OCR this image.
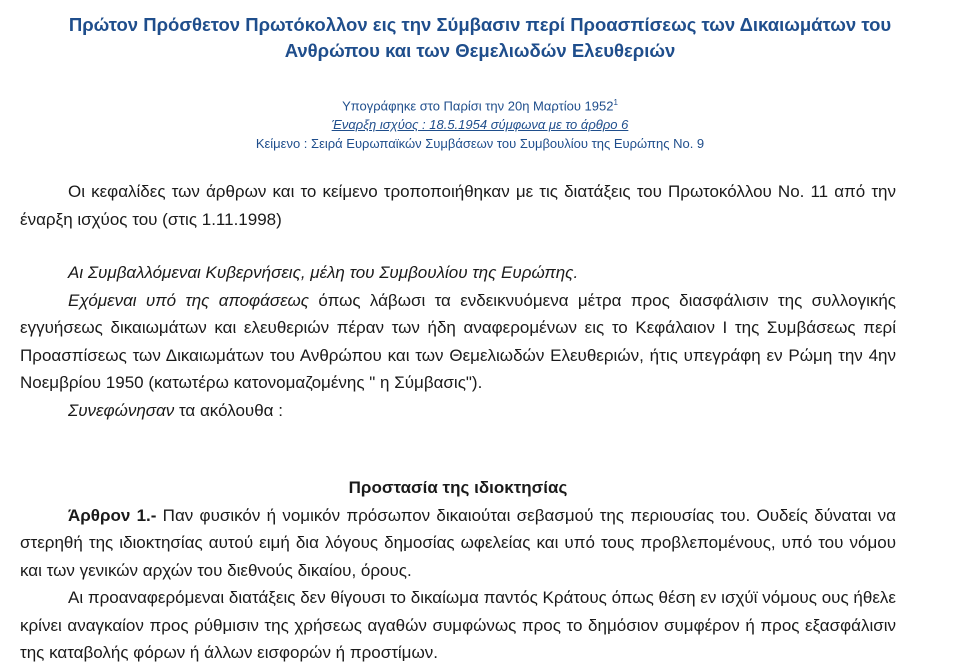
Πρώτον Πρόσθετον Πρωτόκολλον εις την Σύμβασιν περί Προασπίσεως των Δικαιωμάτων του
Ανθρώπου και των Θεμελιωδών Ελευθεριών
Υπογράφηκε στο Παρίσι την 20η Μαρτίου 1952$^1$
Έναρξη ισχύος : 18.5.1954 σύμφωνα με το άρθρο 6
Κείμενο : Σειρά Ευρωπαϊκών Συμβάσεων του Συμβουλίου της Ευρώπης Νο. 9

Οι κεφαλίδες των άρθρων και το κείμενο τροποποιήθηκαν με τις διατάξεις του Πρωτοκόλλου Νο. 11 από την έναρξη ισχύος του (στις 1.11.1998)

Αι Συμβαλλόμεναι Κυβερνήσεις, μέλη του Συμβουλίου της Ευρώπης.

Εχόμεναι υπό της αποφάσεως όπως λάβωσι τα ενδεικνυόμενα μέτρα προς διασφάλισιν της συλλογικής εγγυήσεως δικαιωμάτων και ελευθεριών πέραν των ήδη αναφερομένων εις το Κεφάλαιον Ι της Συμβάσεως περί Προασπίσεως των Δικαιωμάτων του Ανθρώπου και των Θεμελιωδών Ελευθεριών, ήτις υπεγράφη εν Ρώμη την 4ην Νοεμβρίου 1950 (κατωτέρω κατονομαζομένης " η Σύμβασις").

Συνεφώνησαν τα ακόλουθα :

Προστασία της ιδιοκτησίας

Άρθρον 1.- Παν φυσικόν ή νομικόν πρόσωπον δικαιούται σεβασμού της περιουσίας του. Ουδείς δύναται να στερηθή της ιδιοκτησίας αυτού ειμή δια λόγους δημοσίας ωφελείας και υπό τους προβλεπομένους, υπό του νόμου και των γενικών αρχών του διεθνούς δικαίου, όρους.

Αι προαναφερόμεναι διατάξεις δεν θίγουσι το δικαίωμα παντός Κράτους όπως θέση εν ισχύϊ νόμους ους ήθελε κρίνει αναγκαίον προς ρύθμισιν της χρήσεως αγαθών συμφώνως προς το δημόσιον συμφέρον ή προς εξασφάλισιν της καταβολής φόρων ή άλλων εισφορών ή προστίμων.
